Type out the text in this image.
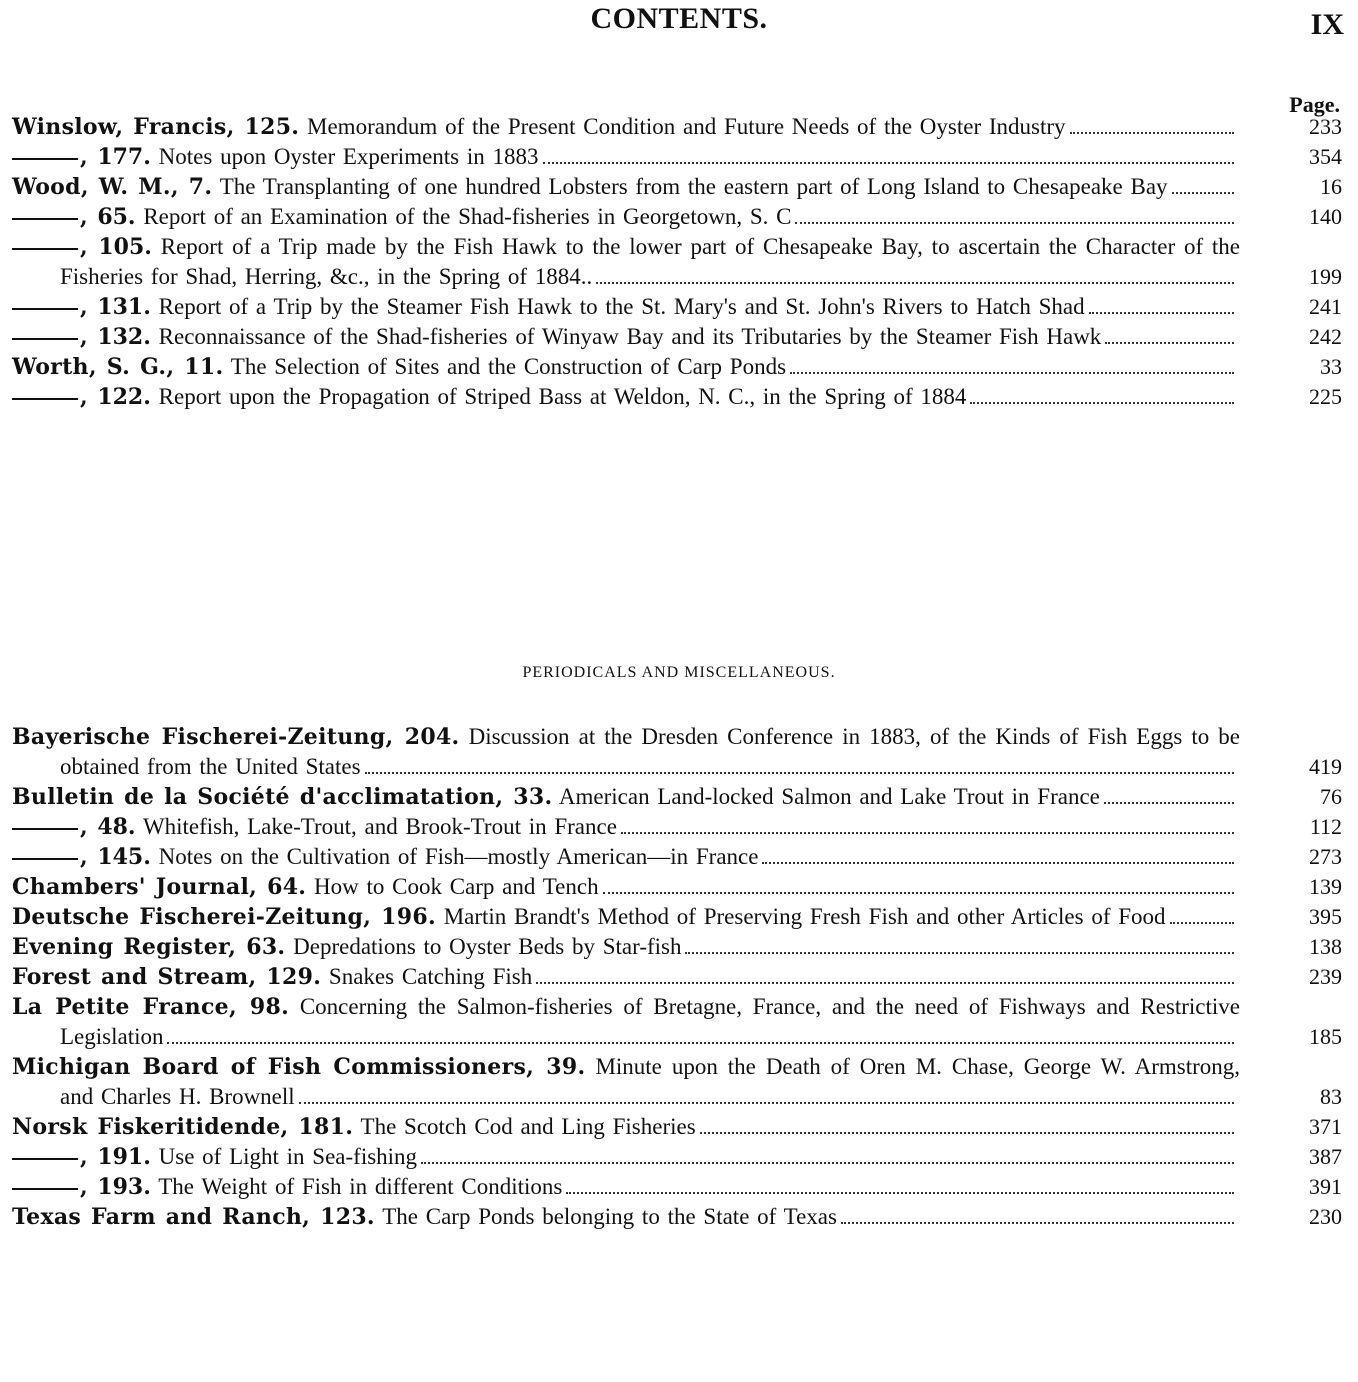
CONTENTS.	IX
Page.
Winslow, Francis, 125. Memorandum of the Present Condition and Future Needs of the Oyster Industry	233
, 177. Notes upon Oyster Experiments in 1883	354
Wood, W. M., 7. The Transplanting of one hundred Lobsters from the eastern part of Long Island to Chesapeake Bay	16
, 65. Report of an Examination of the Shad-fisheries in Georgetown, S. C	140
, 105. Report of a Trip made by the Fish Hawk to the lower part of Chesapeake Bay, to ascertain the Character of the Fisheries for Shad, Herring, &c., in the Spring of 1884..	199
, 131. Report of a Trip by the Steamer Fish Hawk to the St. Mary's and St. John's Rivers to Hatch Shad	241
, 132. Reconnaissance of the Shad-fisheries of Winyaw Bay and its Tributaries by the Steamer Fish Hawk	242
Worth, S. G., 11. The Selection of Sites and the Construction of Carp Ponds	33
, 122. Report upon the Propagation of Striped Bass at Weldon, N. C., in the Spring of 1884	225
PERIODICALS AND MISCELLANEOUS.
Bayerische Fischerei-Zeitung, 204. Discussion at the Dresden Conference in 1883, of the Kinds of Fish Eggs to be obtained from the United States	419
Bulletin de la Société d'acclimatation, 33. American Land-locked Salmon and Lake Trout in France	76
, 48. Whitefish, Lake-Trout, and Brook-Trout in France	112
, 145. Notes on the Cultivation of Fish—mostly American—in France	273
Chambers' Journal, 64. How to Cook Carp and Tench	139
Deutsche Fischerei-Zeitung, 196. Martin Brandt's Method of Preserving Fresh Fish and other Articles of Food	395
Evening Register, 63. Depredations to Oyster Beds by Star-fish	138
Forest and Stream, 129. Snakes Catching Fish	239
La Petite France, 98. Concerning the Salmon-fisheries of Bretagne, France, and the need of Fishways and Restrictive Legislation	185
Michigan Board of Fish Commissioners, 39. Minute upon the Death of Oren M. Chase, George W. Armstrong, and Charles H. Brownell	83
Norsk Fiskeritidende, 181. The Scotch Cod and Ling Fisheries	371
, 191. Use of Light in Sea-fishing	387
, 193. The Weight of Fish in different Conditions	391
Texas Farm and Ranch, 123. The Carp Ponds belonging to the State of Texas	230
